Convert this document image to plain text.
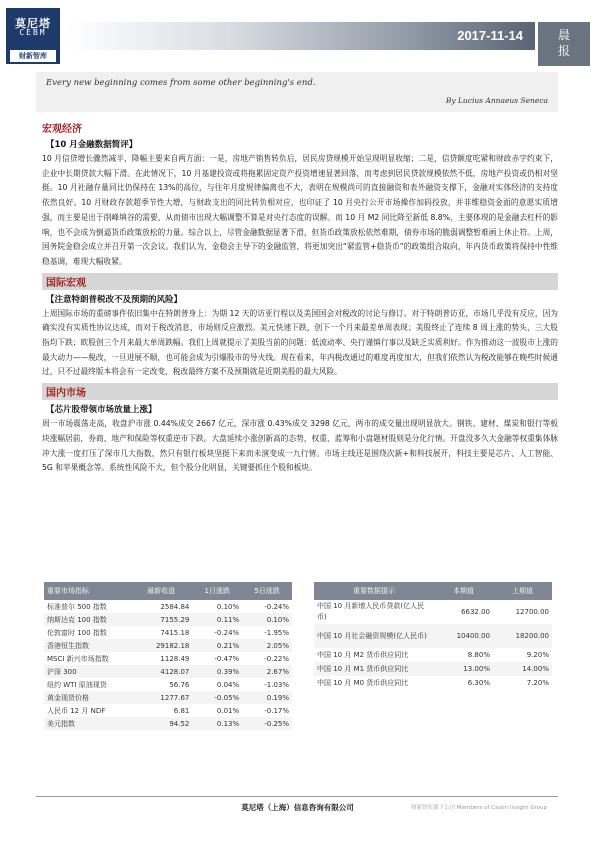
莫尼塔
CEBM
财新智库
2017-11-14	晨
报
Every new beginning comes from some other beginning's end.
By Lucius Annaeus Seneca
宏观经济
【10 月金融数据简评】
10 月信贷增长骤然减半，降幅主要来自两方面：一是，房地产销售转负后，居民房贷规模开始呈现明显收缩；二是，信贷额度吃紧和财政赤字约束下，企业中长期贷款大幅下滑。在此情况下，10 月基建投资或将拖累固定资产投资增速显著回落，而考虑到居民贷款规模依然不低，房地产投资或仍相对坚挺。10 月社融存量同比仍保持在 13%的高位，与往年月度规律偏离也不大，表明在规模尚可的直接融资和表外融资支撑下，金融对实体经济的支持度依然良好。10 月财政存款超季节性大增，与财政支出的同比转负相对应，也印证了 10 月央行公开市场操作加码投放，并非维稳资金面的意愿实质增强，而主要是出于削峰填谷的需要，从而债市出现大幅调整不算是对央行态度的误解。而 10 月 M2 同比降至新低 8.8%，主要体现的是金融去杠杆的影响，也不会成为倒逼货币政策放松的力量。综合以上，尽管金融数据显著下滑，但货币政策放松依然难期，债券市场的脆弱调整暂难画上休止符。上周，国务院金稳会成立并召开第一次会议。我们认为，金稳会主导下的金融监管，将更加突出“紧监管+稳货币”的政策组合取向，年内货币政策将保持中性维稳基调，难现大幅收紧。
国际宏观
【注意特朗普税改不及预期的风险】
上周国际市场的重磅事件依旧集中在特朗普身上：为期 12 天的访亚行程以及美国国会对税改的讨论与修订。对于特朗普访亚，市场几乎没有反应，因为确实没有实质性协议达成，而对于税改消息，市场则反应激烈。美元快速下跌，创下一个月来最差单周表现；美股终止了连续 8 周上涨的势头，三大股指均下跌；欧股创三个月来最大单周跌幅。我们上周就提示了美股当前的问题：低波动率、央行谨慎行事以及缺乏实质利好。作为推动这一波股市上涨的最大动力——税改，一旦进展不顺，也可能会成为引爆股市的导火线。现在看来，年内税改通过的难度再度加大，但我们依然认为税改能够在晚些时候通过，只不过最终版本将会有一定改变，税改最终方案不及预期就是近期美股的最大风险。
国内市场
【芯片股带领市场放量上涨】
周一市场震荡走高，收盘沪市涨 0.44%成交 2667 亿元，深市涨 0.43%成交 3298 亿元，两市的成交量出现明显放大。钢铁、建材、煤炭和银行等板块涨幅居前，券商、地产和保险等权重逆市下跌。大盘延续小涨创新高的态势，权重、蓝筹和小盘题材股则是分化行情。开盘没多久大金融等权重集体脉冲大涨一度打压了深市几大指数，然只有银行板块坚挺下来而未演变成一九行情。市场主线还是围绕次新+和科技展开，科技主要是芯片、人工智能、5G 和苹果概念等。系统性风险不大，但个股分化明显，关键要抓住个股和板块。
重要市场指标	最新收盘	1日涨跌	5日涨跌
标准普尔 500 指数	2584.84	0.10%	-0.24%
纳斯达克 100 指数	7155.29	0.11%	0.10%
伦敦富时 100 指数	7415.18	-0.24%	-1.95%
香港恒生指数	29182.18	0.21%	2.05%
MSCI 新兴市场指数	1128.49	-0.47%	-0.22%
沪深 300	4128.07	0.39%	2.67%
纽约 WTI 原油现货	56.76	0.04%	-1.03%
黄金现货价格	1277.67	-0.05%	0.19%
人民币 12 月 NDF	6.81	0.01%	-0.17%
美元指数	94.52	0.13%	-0.25%
重要数据提示	本期值	上期值
中国 10 月新增人民币贷款(亿人民币)	6632.00	12700.00
中国 10 月社会融资规模(亿人民币)	10400.00	18200.00
中国 10 月 M2 货币供应同比	8.80%	9.20%
中国 10 月 M1 货币供应同比	13.00%	14.00%
中国 10 月 M0 货币供应同比	6.30%	7.20%
莫尼塔（上海）信息咨询有限公司	财新智库旗下公司 Members of Caixin Insight Group
